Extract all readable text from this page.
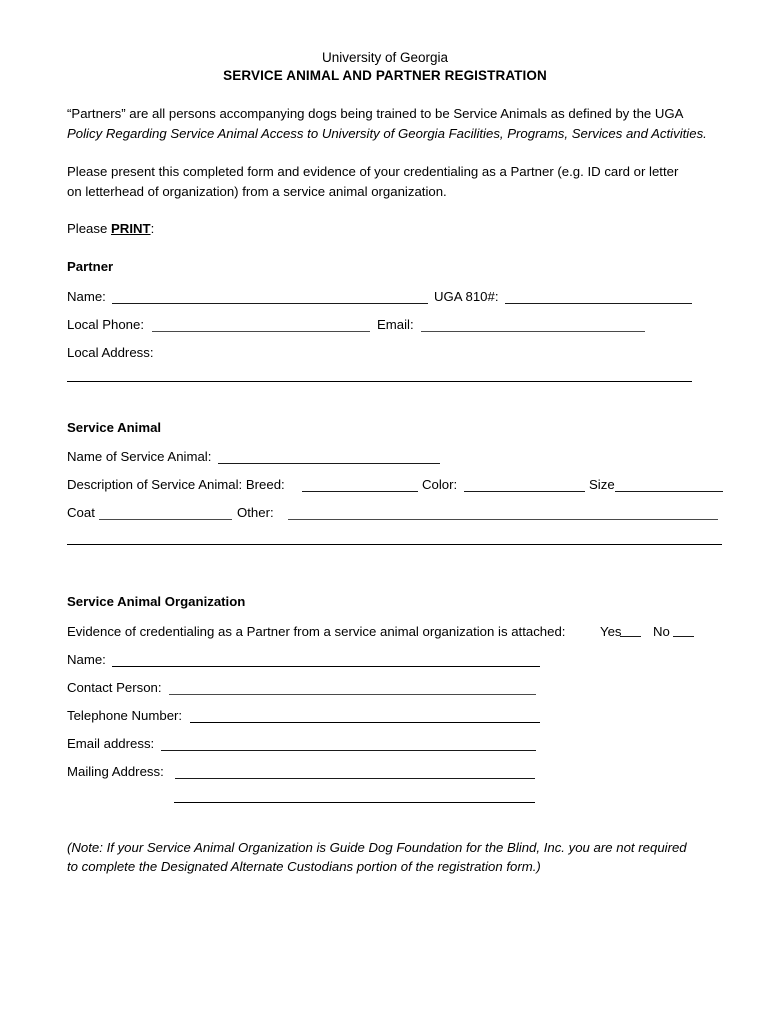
University of Georgia
SERVICE ANIMAL AND PARTNER REGISTRATION
“Partners” are all persons accompanying dogs being trained to be Service Animals as defined by the UGA
Policy Regarding Service Animal Access to University of Georgia Facilities, Programs, Services and Activities.
Please present this completed form and evidence of your credentialing as a Partner (e.g. ID card or letter
on letterhead of organization) from a service animal organization.
Please PRINT:
Partner
Name:	UGA 810#:
Local Phone:	Email:
Local Address:
Service Animal
Name of Service Animal:
Description of Service Animal: Breed:	Color:	Size
Coat	Other:
Service Animal Organization
Evidence of credentialing as a Partner from a service animal organization is attached:	Yes No
Name:
Contact Person:
Telephone Number:
Email address:
Mailing Address:
(Note: If your Service Animal Organization is Guide Dog Foundation for the Blind, Inc. you are not required
to complete the Designated Alternate Custodians portion of the registration form.)
